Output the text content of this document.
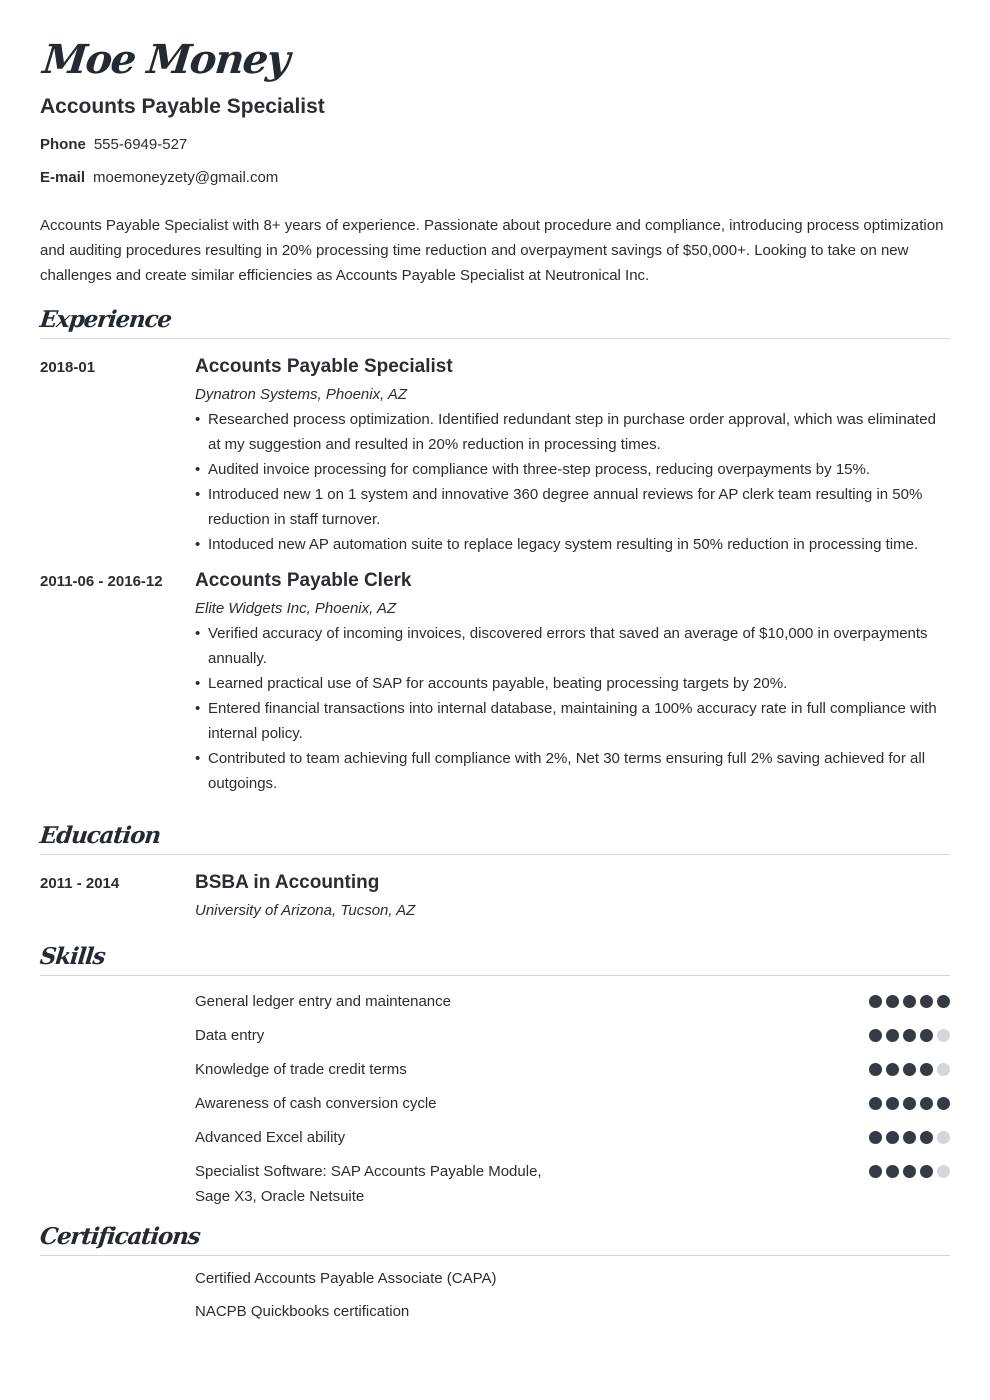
Moe Money
Accounts Payable Specialist
Phone 555-6949-527
E-mail moemoneyzety@gmail.com
Accounts Payable Specialist with 8+ years of experience. Passionate about procedure and compliance, introducing process optimization and auditing procedures resulting in 20% processing time reduction and overpayment savings of $50,000+. Looking to take on new challenges and create similar efficiencies as Accounts Payable Specialist at Neutronical Inc.
Experience
2018-01	Accounts Payable Specialist
Dynatron Systems, Phoenix, AZ
• Researched process optimization. Identified redundant step in purchase order approval, which was eliminated at my suggestion and resulted in 20% reduction in processing times.
• Audited invoice processing for compliance with three-step process, reducing overpayments by 15%.
• Introduced new 1 on 1 system and innovative 360 degree annual reviews for AP clerk team resulting in 50% reduction in staff turnover.
• Intoduced new AP automation suite to replace legacy system resulting in 50% reduction in processing time.
2011-06 - 2016-12	Accounts Payable Clerk
Elite Widgets Inc, Phoenix, AZ
• Verified accuracy of incoming invoices, discovered errors that saved an average of $10,000 in overpayments annually.
• Learned practical use of SAP for accounts payable, beating processing targets by 20%.
• Entered financial transactions into internal database, maintaining a 100% accuracy rate in full compliance with internal policy.
• Contributed to team achieving full compliance with 2%, Net 30 terms ensuring full 2% saving achieved for all outgoings.
Education
2011 - 2014	BSBA in Accounting
University of Arizona, Tucson, AZ
Skills
General ledger entry and maintenance
Data entry
Knowledge of trade credit terms
Awareness of cash conversion cycle
Advanced Excel ability
Specialist Software: SAP Accounts Payable Module, Sage X3, Oracle Netsuite
Certifications
Certified Accounts Payable Associate (CAPA)
NACPB Quickbooks certification
